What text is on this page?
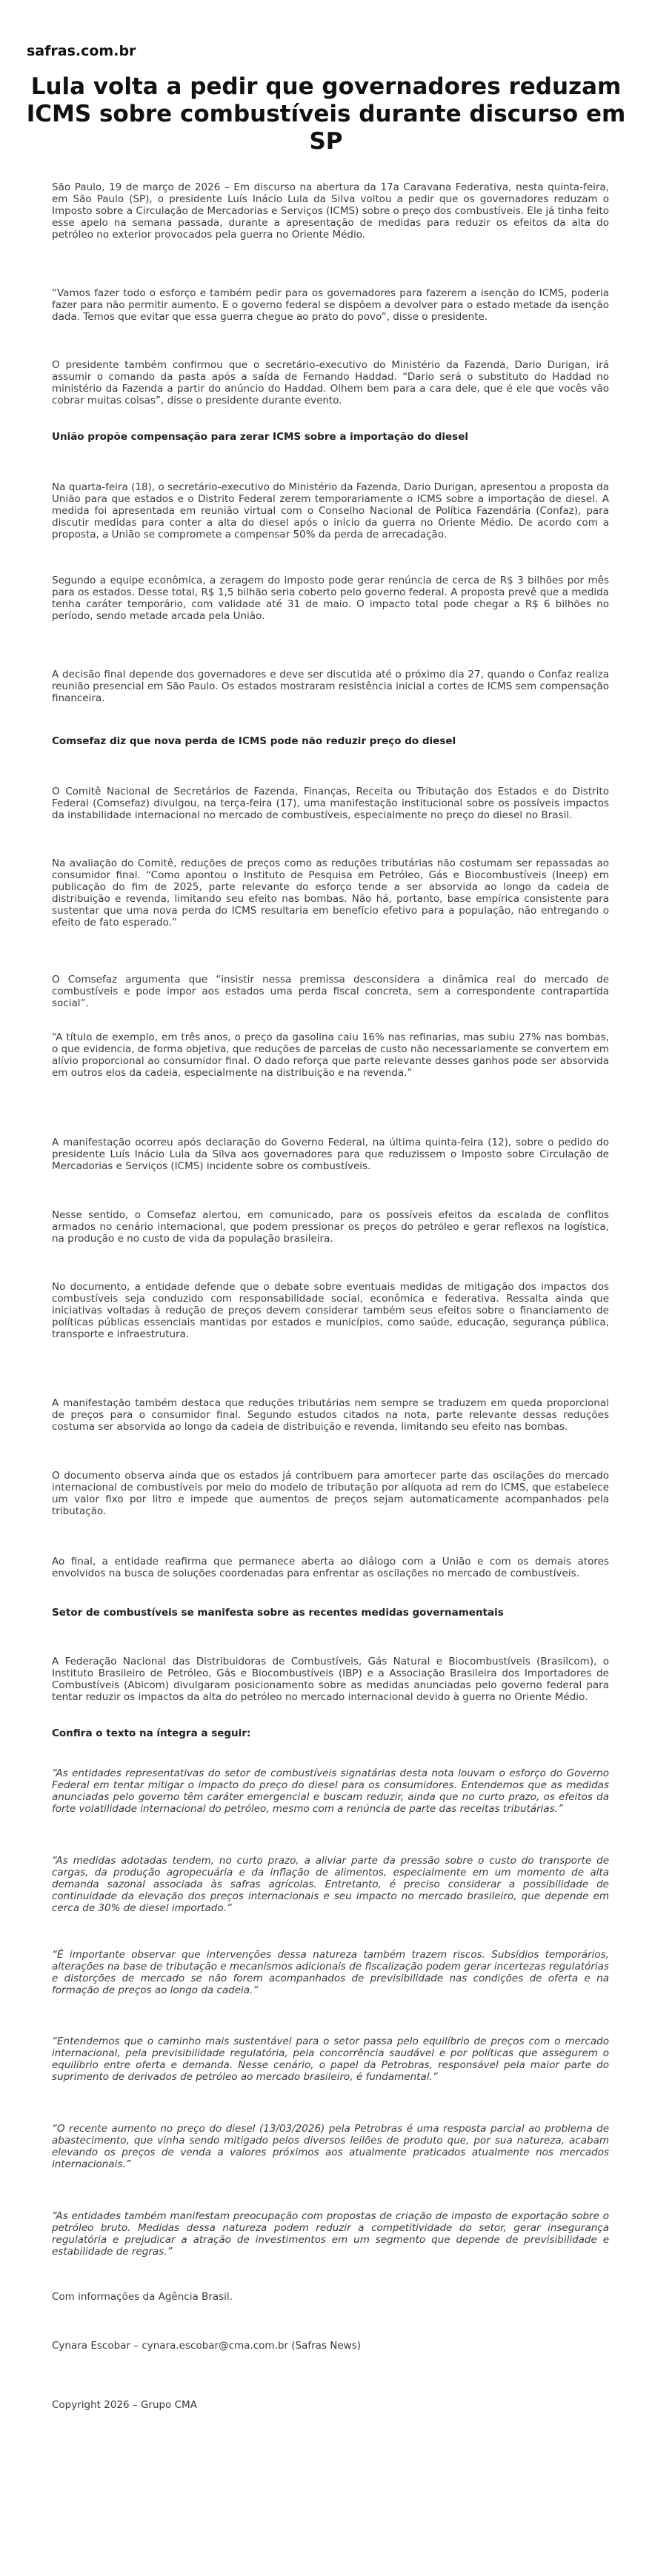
safras.com.br
Lula volta a pedir que governadores reduzam ICMS sobre combustíveis durante discurso em SP

São Paulo, 19 de março de 2026 – Em discurso na abertura da 17a Caravana Federativa, nesta quinta-feira, em São Paulo (SP), o presidente Luís Inácio Lula da Silva voltou a pedir que os governadores reduzam o Imposto sobre a Circulação de Mercadorias e Serviços (ICMS) sobre o preço dos combustíveis. Ele já tinha feito esse apelo na semana passada, durante a apresentação de medidas para reduzir os efeitos da alta do petróleo no exterior provocados pela guerra no Oriente Médio.

“Vamos fazer todo o esforço e também pedir para os governadores para fazerem a isenção do ICMS, poderia fazer para não permitir aumento. E o governo federal se dispõem a devolver para o estado metade da isenção dada. Temos que evitar que essa guerra chegue ao prato do povo”, disse o presidente.

O presidente também confirmou que o secretário-executivo do Ministério da Fazenda, Dario Durigan, irá assumir o comando da pasta após a saída de Fernando Haddad. “Dario será o substituto do Haddad no ministério da Fazenda a partir do anúncio do Haddad. Olhem bem para a cara dele, que é ele que vocês vão cobrar muitas coisas”, disse o presidente durante evento.

União propõe compensação para zerar ICMS sobre a importação do diesel

Na quarta-feira (18), o secretário-executivo do Ministério da Fazenda, Dario Durigan, apresentou a proposta da União para que estados e o Distrito Federal zerem temporariamente o ICMS sobre a importação de diesel. A medida foi apresentada em reunião virtual com o Conselho Nacional de Política Fazendária (Confaz), para discutir medidas para conter a alta do diesel após o início da guerra no Oriente Médio. De acordo com a proposta, a União se compromete a compensar 50% da perda de arrecadação.

Segundo a equipe econômica, a zeragem do imposto pode gerar renúncia de cerca de R$ 3 bilhões por mês para os estados. Desse total, R$ 1,5 bilhão seria coberto pelo governo federal. A proposta prevê que a medida tenha caráter temporário, com validade até 31 de maio. O impacto total pode chegar a R$ 6 bilhões no período, sendo metade arcada pela União.

A decisão final depende dos governadores e deve ser discutida até o próximo dia 27, quando o Confaz realiza reunião presencial em São Paulo. Os estados mostraram resistência inicial a cortes de ICMS sem compensação financeira.

Comsefaz diz que nova perda de ICMS pode não reduzir preço do diesel

O Comitê Nacional de Secretários de Fazenda, Finanças, Receita ou Tributação dos Estados e do Distrito Federal (Comsefaz) divulgou, na terça-feira (17), uma manifestação institucional sobre os possíveis impactos da instabilidade internacional no mercado de combustíveis, especialmente no preço do diesel no Brasil.

Na avaliação do Comitê, reduções de preços como as reduções tributárias não costumam ser repassadas ao consumidor final. “Como apontou o Instituto de Pesquisa em Petróleo, Gás e Biocombustíveis (Ineep) em publicação do fim de 2025, parte relevante do esforço tende a ser absorvida ao longo da cadeia de distribuição e revenda, limitando seu efeito nas bombas. Não há, portanto, base empírica consistente para sustentar que uma nova perda do ICMS resultaria em benefício efetivo para a população, não entregando o efeito de fato esperado.”

O Comsefaz argumenta que “insistir nessa premissa desconsidera a dinâmica real do mercado de combustíveis e pode impor aos estados uma perda fiscal concreta, sem a correspondente contrapartida social”.

“A título de exemplo, em três anos, o preço da gasolina caiu 16% nas refinarias, mas subiu 27% nas bombas, o que evidencia, de forma objetiva, que reduções de parcelas de custo não necessariamente se convertem em alívio proporcional ao consumidor final. O dado reforça que parte relevante desses ganhos pode ser absorvida em outros elos da cadeia, especialmente na distribuição e na revenda.”

A manifestação ocorreu após declaração do Governo Federal, na última quinta-feira (12), sobre o pedido do presidente Luís Inácio Lula da Silva aos governadores para que reduzissem o Imposto sobre Circulação de Mercadorias e Serviços (ICMS) incidente sobre os combustíveis.

Nesse sentido, o Comsefaz alertou, em comunicado, para os possíveis efeitos da escalada de conflitos armados no cenário internacional, que podem pressionar os preços do petróleo e gerar reflexos na logística, na produção e no custo de vida da população brasileira.

No documento, a entidade defende que o debate sobre eventuais medidas de mitigação dos impactos dos combustíveis seja conduzido com responsabilidade social, econômica e federativa. Ressalta ainda que iniciativas voltadas à redução de preços devem considerar também seus efeitos sobre o financiamento de políticas públicas essenciais mantidas por estados e municípios, como saúde, educação, segurança pública, transporte e infraestrutura.

A manifestação também destaca que reduções tributárias nem sempre se traduzem em queda proporcional de preços para o consumidor final. Segundo estudos citados na nota, parte relevante dessas reduções costuma ser absorvida ao longo da cadeia de distribuição e revenda, limitando seu efeito nas bombas.

O documento observa ainda que os estados já contribuem para amortecer parte das oscilações do mercado internacional de combustíveis por meio do modelo de tributação por alíquota ad rem do ICMS, que estabelece um valor fixo por litro e impede que aumentos de preços sejam automaticamente acompanhados pela tributação.

Ao final, a entidade reafirma que permanece aberta ao diálogo com a União e com os demais atores envolvidos na busca de soluções coordenadas para enfrentar as oscilações no mercado de combustíveis.

Setor de combustíveis se manifesta sobre as recentes medidas governamentais

A Federação Nacional das Distribuidoras de Combustíveis, Gás Natural e Biocombustíveis (Brasilcom), o Instituto Brasileiro de Petróleo, Gás e Biocombustíveis (IBP) e a Associação Brasileira dos Importadores de Combustíveis (Abicom) divulgaram posicionamento sobre as medidas anunciadas pelo governo federal para tentar reduzir os impactos da alta do petróleo no mercado internacional devido à guerra no Oriente Médio.

Confira o texto na íntegra a seguir:

“As entidades representativas do setor de combustíveis signatárias desta nota louvam o esforço do Governo Federal em tentar mitigar o impacto do preço do diesel para os consumidores. Entendemos que as medidas anunciadas pelo governo têm caráter emergencial e buscam reduzir, ainda que no curto prazo, os efeitos da forte volatilidade internacional do petróleo, mesmo com a renúncia de parte das receitas tributárias.”

“As medidas adotadas tendem, no curto prazo, a aliviar parte da pressão sobre o custo do transporte de cargas, da produção agropecuária e da inflação de alimentos, especialmente em um momento de alta demanda sazonal associada às safras agrícolas. Entretanto, é preciso considerar a possibilidade de continuidade da elevação dos preços internacionais e seu impacto no mercado brasileiro, que depende em cerca de 30% de diesel importado.”

“É importante observar que intervenções dessa natureza também trazem riscos. Subsídios temporários, alterações na base de tributação e mecanismos adicionais de fiscalização podem gerar incertezas regulatórias e distorções de mercado se não forem acompanhados de previsibilidade nas condições de oferta e na formação de preços ao longo da cadeia.”

“Entendemos que o caminho mais sustentável para o setor passa pelo equilíbrio de preços com o mercado internacional, pela previsibilidade regulatória, pela concorrência saudável e por políticas que assegurem o equilíbrio entre oferta e demanda. Nesse cenário, o papel da Petrobras, responsável pela maior parte do suprimento de derivados de petróleo ao mercado brasileiro, é fundamental.”

“O recente aumento no preço do diesel (13/03/2026) pela Petrobras é uma resposta parcial ao problema de abastecimento, que vinha sendo mitigado pelos diversos leilões de produto que, por sua natureza, acabam elevando os preços de venda a valores próximos aos atualmente praticados atualmente nos mercados internacionais.”

“As entidades também manifestam preocupação com propostas de criação de imposto de exportação sobre o petróleo bruto. Medidas dessa natureza podem reduzir a competitividade do setor, gerar insegurança regulatória e prejudicar a atração de investimentos em um segmento que depende de previsibilidade e estabilidade de regras.”

Com informações da Agência Brasil.

Cynara Escobar – cynara.escobar@cma.com.br (Safras News)

Copyright 2026 – Grupo CMA
